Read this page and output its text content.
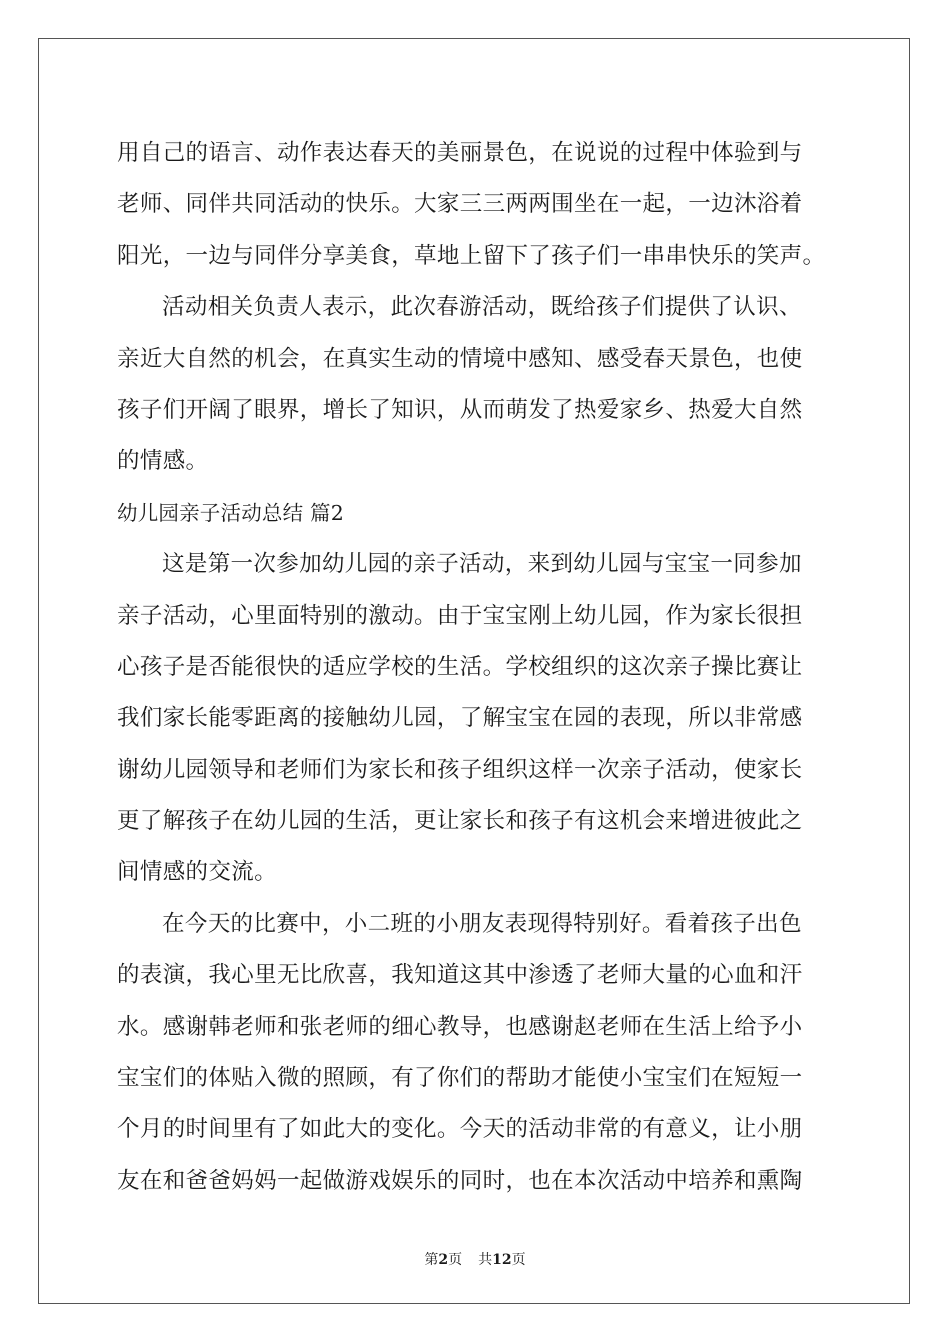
用自己的语言、动作表达春天的美丽景色，在说说的过程中体验到与
老师、同伴共同活动的快乐。大家三三两两围坐在一起，一边沐浴着
阳光，一边与同伴分享美食，草地上留下了孩子们一串串快乐的笑声。
活动相关负责人表示，此次春游活动，既给孩子们提供了认识、
亲近大自然的机会，在真实生动的情境中感知、感受春天景色，也使
孩子们开阔了眼界，增长了知识，从而萌发了热爱家乡、热爱大自然
的情感。
幼儿园亲子活动总结 篇2
这是第一次参加幼儿园的亲子活动，来到幼儿园与宝宝一同参加
亲子活动，心里面特别的激动。由于宝宝刚上幼儿园，作为家长很担
心孩子是否能很快的适应学校的生活。学校组织的这次亲子操比赛让
我们家长能零距离的接触幼儿园，了解宝宝在园的表现，所以非常感
谢幼儿园领导和老师们为家长和孩子组织这样一次亲子活动，使家长
更了解孩子在幼儿园的生活，更让家长和孩子有这机会来增进彼此之
间情感的交流。
在今天的比赛中，小二班的小朋友表现得特别好。看着孩子出色
的表演，我心里无比欣喜，我知道这其中渗透了老师大量的心血和汗
水。感谢韩老师和张老师的细心教导，也感谢赵老师在生活上给予小
宝宝们的体贴入微的照顾，有了你们的帮助才能使小宝宝们在短短一
个月的时间里有了如此大的变化。今天的活动非常的有意义，让小朋
友在和爸爸妈妈一起做游戏娱乐的同时，也在本次活动中培养和熏陶
第2页 共12页
